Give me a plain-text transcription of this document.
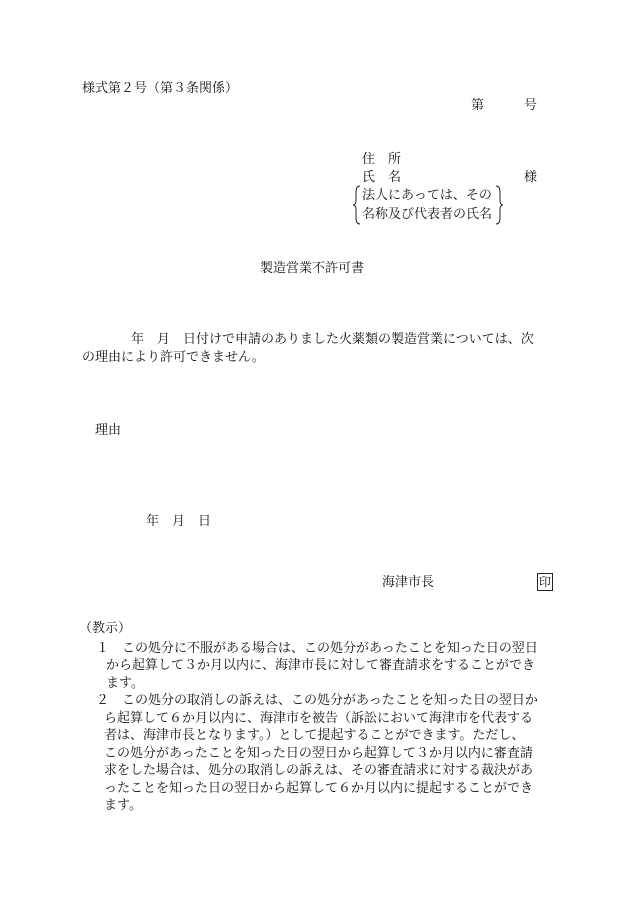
様式第２号（第３条関係）
第	号
住　所
氏　名	様
法人にあっては、その
名称及び代表者の氏名
製造営業不許可書
年　月　日付けで申請のありました火薬類の製造営業については、次
の理由により許可できません。
理由
年　月　日
海津市長	印
（教示）
１ この処分に不服がある場合は、この処分があったことを知った日の翌日
から起算して３か月以内に、海津市長に対して審査請求をすることができ
ます。
２ この処分の取消しの訴えは、この処分があったことを知った日の翌日か
ら起算して６か月以内に、海津市を被告（訴訟において海津市を代表する
者は、海津市長となります。）として提起することができます。ただし、
この処分があったことを知った日の翌日から起算して３か月以内に審査請
求をした場合は、処分の取消しの訴えは、その審査請求に対する裁決があ
ったことを知った日の翌日から起算して６か月以内に提起することができ
ます。
